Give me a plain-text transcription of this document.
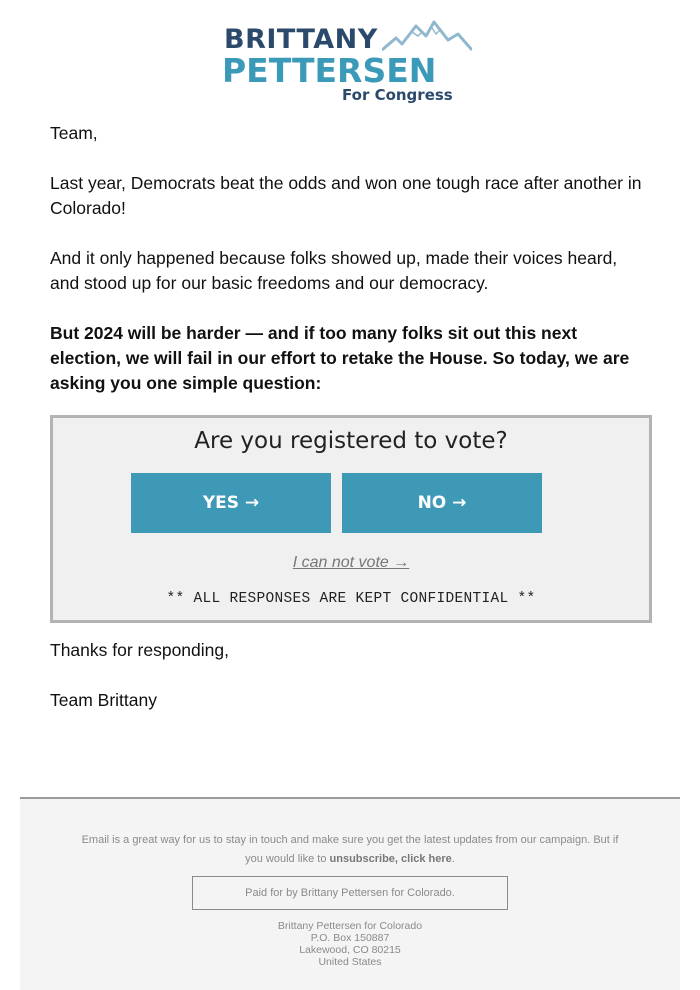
BRITTANY
PETTERSEN
For Congress

Team,

Last year, Democrats beat the odds and won one tough race after another in Colorado!

And it only happened because folks showed up, made their voices heard, and stood up for our basic freedoms and our democracy.

But 2024 will be harder — and if too many folks sit out this next election, we will fail in our effort to retake the House. So today, we are asking you one simple question:

Are you registered to vote?
YES →	NO →
I can not vote →
** ALL RESPONSES ARE KEPT CONFIDENTIAL **

Thanks for responding,

Team Brittany

Email is a great way for us to stay in touch and make sure you get the latest updates from our campaign. But if you would like to unsubscribe, click here.
Paid for by Brittany Pettersen for Colorado.
Brittany Pettersen for Colorado
P.O. Box 150887
Lakewood, CO 80215
United States
